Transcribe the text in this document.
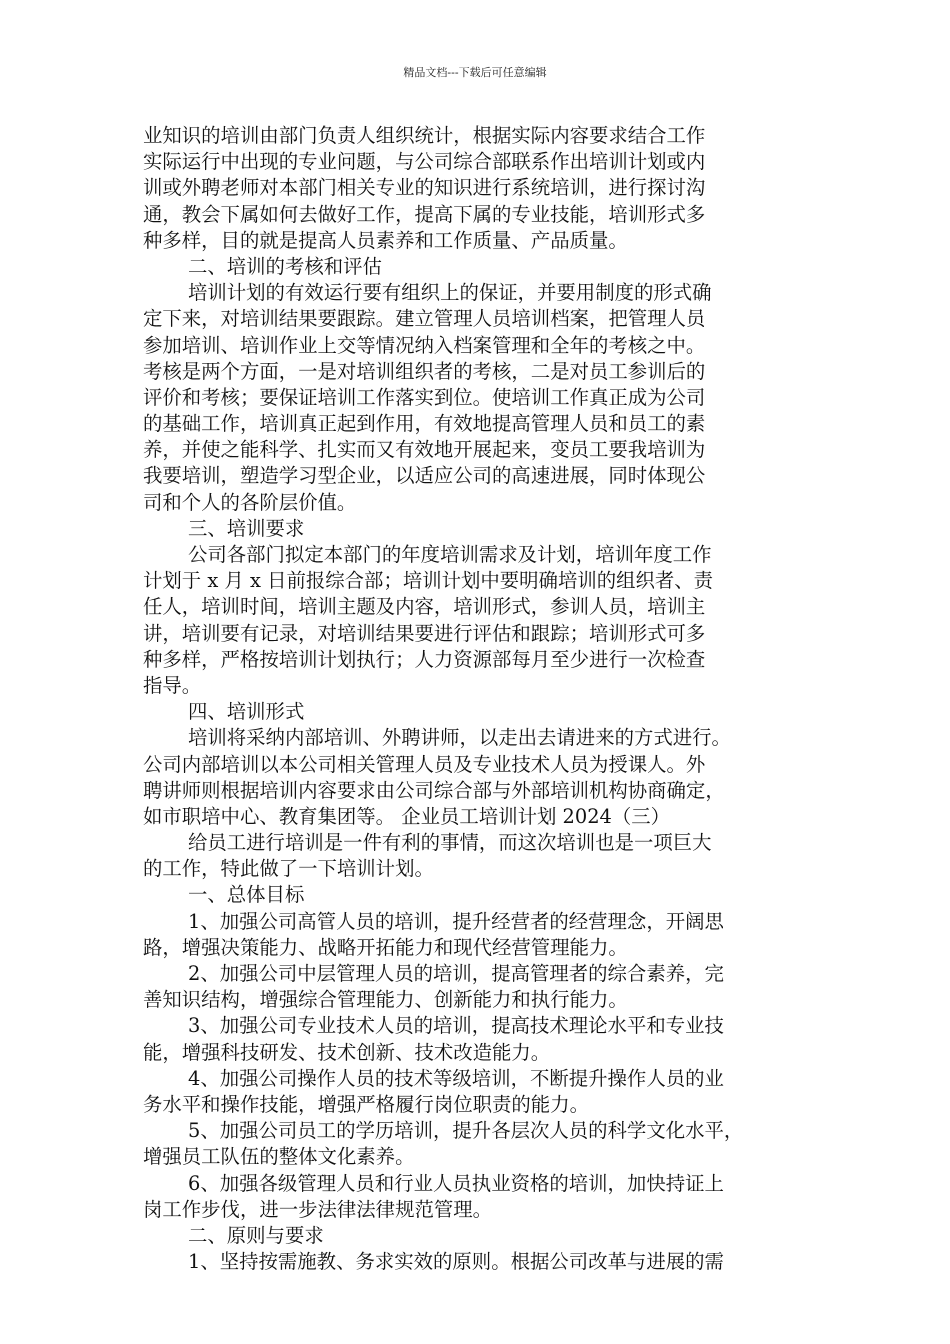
精品文档---下载后可任意编辑
业知识的培训由部门负责人组织统计，根据实际内容要求结合工作
实际运行中出现的专业问题，与公司综合部联系作出培训计划或内
训或外聘老师对本部门相关专业的知识进行系统培训，进行探讨沟
通，教会下属如何去做好工作，提高下属的专业技能，培训形式多
种多样，目的就是提高人员素养和工作质量、产品质量。
二、培训的考核和评估
培训计划的有效运行要有组织上的保证，并要用制度的形式确
定下来，对培训结果要跟踪。建立管理人员培训档案，把管理人员
参加培训、培训作业上交等情况纳入档案管理和全年的考核之中。
考核是两个方面，一是对培训组织者的考核，二是对员工参训后的
评价和考核；要保证培训工作落实到位。使培训工作真正成为公司
的基础工作，培训真正起到作用，有效地提高管理人员和员工的素
养，并使之能科学、扎实而又有效地开展起来，变员工要我培训为
我要培训，塑造学习型企业，以适应公司的高速进展，同时体现公
司和个人的各阶层价值。
三、培训要求
公司各部门拟定本部门的年度培训需求及计划，培训年度工作
计划于 x 月 x 日前报综合部；培训计划中要明确培训的组织者、责
任人，培训时间，培训主题及内容，培训形式，参训人员，培训主
讲，培训要有记录，对培训结果要进行评估和跟踪；培训形式可多
种多样，严格按培训计划执行；人力资源部每月至少进行一次检查
指导。
四、培训形式
培训将采纳内部培训、外聘讲师，以走出去请进来的方式进行。
公司内部培训以本公司相关管理人员及专业技术人员为授课人。外
聘讲师则根据培训内容要求由公司综合部与外部培训机构协商确定，
如市职培中心、教育集团等。 企业员工培训计划 2024（三）
给员工进行培训是一件有利的事情，而这次培训也是一项巨大
的工作，特此做了一下培训计划。
一、总体目标
1、加强公司高管人员的培训，提升经营者的经营理念，开阔思
路，增强决策能力、战略开拓能力和现代经营管理能力。
2、加强公司中层管理人员的培训，提高管理者的综合素养，完
善知识结构，增强综合管理能力、创新能力和执行能力。
3、加强公司专业技术人员的培训，提高技术理论水平和专业技
能，增强科技研发、技术创新、技术改造能力。
4、加强公司操作人员的技术等级培训，不断提升操作人员的业
务水平和操作技能，增强严格履行岗位职责的能力。
5、加强公司员工的学历培训，提升各层次人员的科学文化水平，
增强员工队伍的整体文化素养。
6、加强各级管理人员和行业人员执业资格的培训，加快持证上
岗工作步伐，进一步法律法律规范管理。
二、原则与要求
1、坚持按需施教、务求实效的原则。根据公司改革与进展的需
